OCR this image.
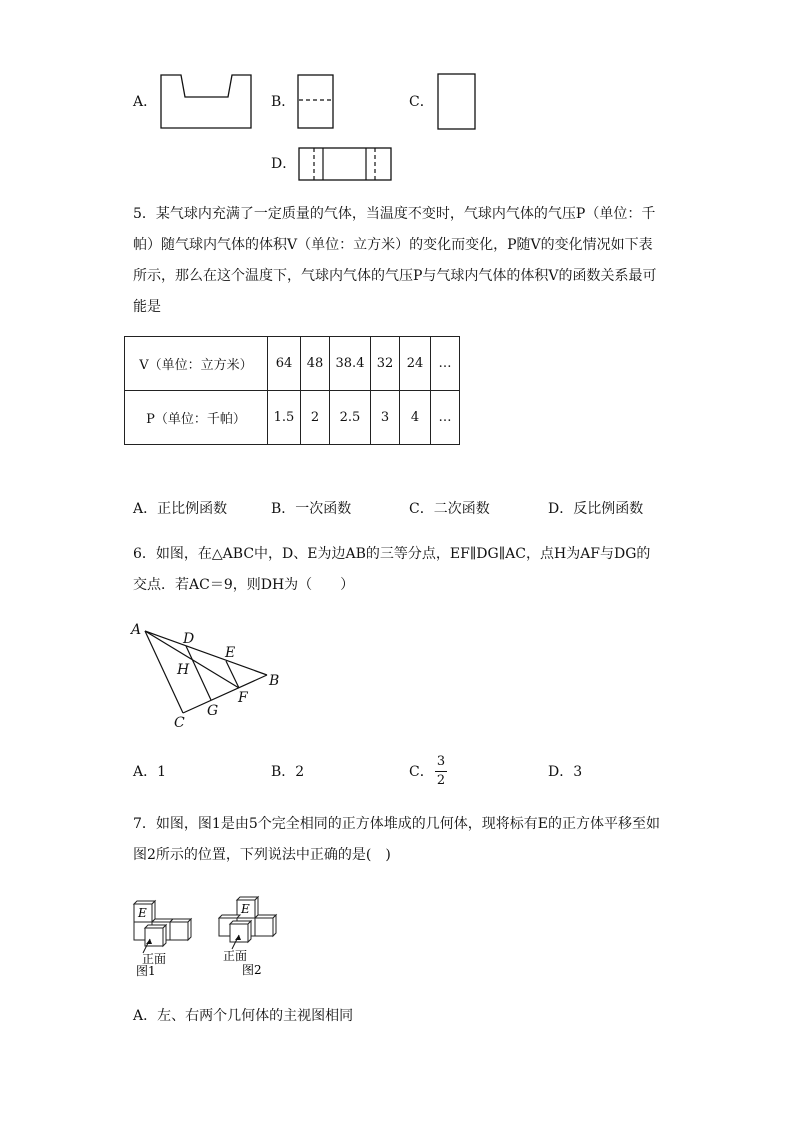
A．	B．	C．
D．
5．某气球内充满了一定质量的气体，当温度不变时，气球内气体的气压P（单位：千帕）随气球内气体的体积V（单位：立方米）的变化而变化，P随V的变化情况如下表所示，那么在这个温度下，气球内气体的气压P与气球内气体的体积V的函数关系最可能是
V（单位：立方米）	64	48	38.4	32	24	…
P（单位：千帕）	1.5	2	2.5	3	4	…
A．正比例函数	B．一次函数	C．二次函数	D．反比例函数
6．如图，在△ABC中，D、E为边AB的三等分点，EF∥DG∥AC，点H为AF与DG的交点．若AC＝9，则DH为（　　）
A
D
E
H
B
F
G
C
A．1	B．2	C．
3
2
D．3
7．如图，图1是由5个完全相同的正方体堆成的几何体，现将标有E的正方体平移至如图2所示的位置，下列说法中正确的是(　)
E
正面
图1
E
正面
图2
A．左、右两个几何体的主视图相同
